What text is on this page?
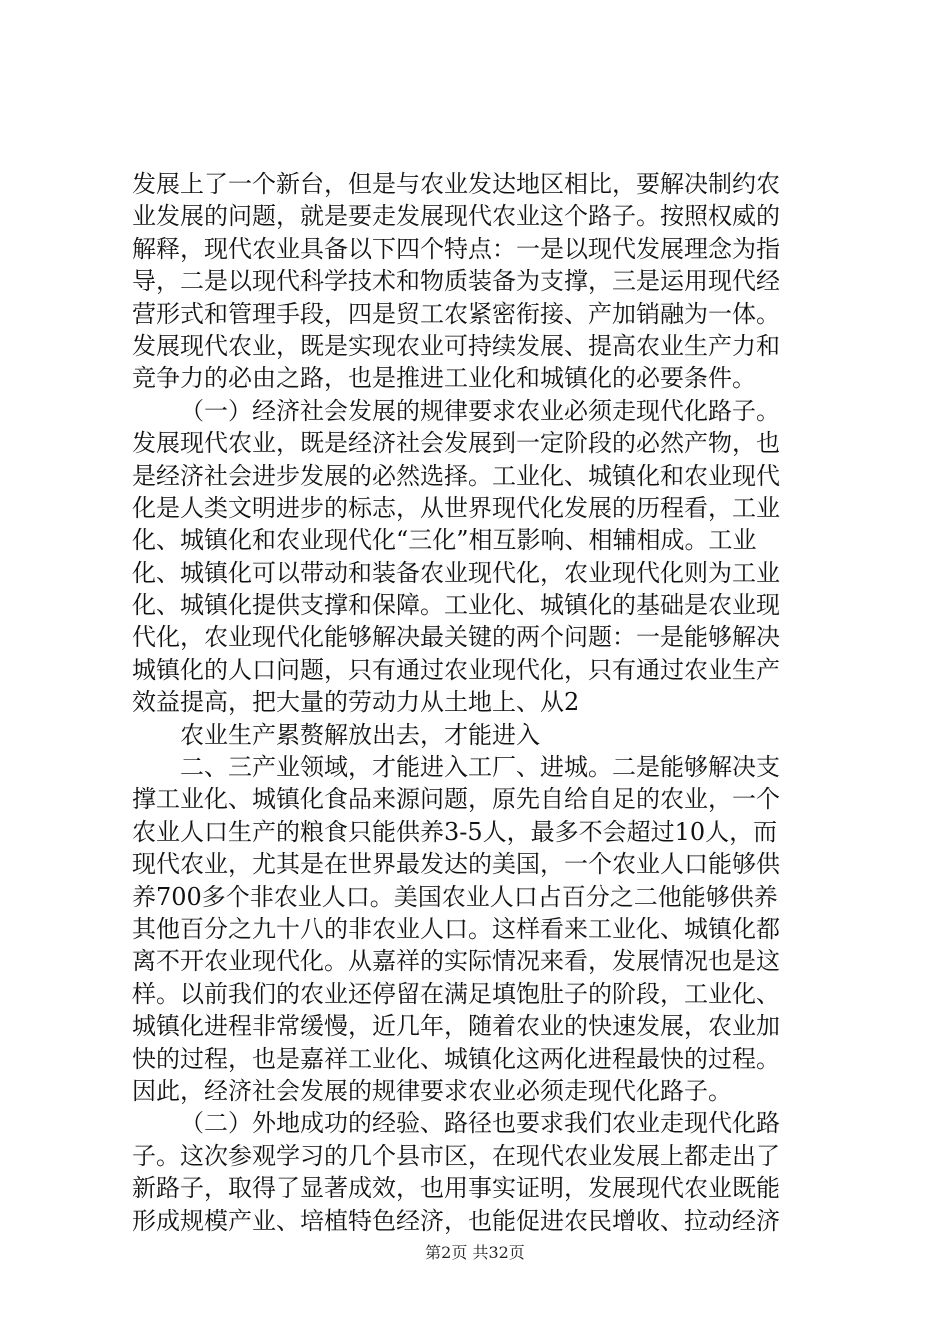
发展上了一个新台，但是与农业发达地区相比，要解决制约农
业发展的问题，就是要走发展现代农业这个路子。按照权威的
解释，现代农业具备以下四个特点：一是以现代发展理念为指
导，二是以现代科学技术和物质装备为支撑，三是运用现代经
营形式和管理手段，四是贸工农紧密衔接、产加销融为一体。
发展现代农业，既是实现农业可持续发展、提高农业生产力和
竞争力的必由之路，也是推进工业化和城镇化的必要条件。
（一）经济社会发展的规律要求农业必须走现代化路子。
发展现代农业，既是经济社会发展到一定阶段的必然产物，也
是经济社会进步发展的必然选择。工业化、城镇化和农业现代
化是人类文明进步的标志，从世界现代化发展的历程看，工业
化、城镇化和农业现代化“三化”相互影响、相辅相成。工业
化、城镇化可以带动和装备农业现代化，农业现代化则为工业
化、城镇化提供支撑和保障。工业化、城镇化的基础是农业现
代化，农业现代化能够解决最关键的两个问题：一是能够解决
城镇化的人口问题，只有通过农业现代化，只有通过农业生产
效益提高，把大量的劳动力从土地上、从2
农业生产累赘解放出去，才能进入
二、三产业领域，才能进入工厂、进城。二是能够解决支
撑工业化、城镇化食品来源问题，原先自给自足的农业，一个
农业人口生产的粮食只能供养3-5人，最多不会超过10人，而
现代农业，尤其是在世界最发达的美国，一个农业人口能够供
养700多个非农业人口。美国农业人口占百分之二他能够供养
其他百分之九十八的非农业人口。这样看来工业化、城镇化都
离不开农业现代化。从嘉祥的实际情况来看，发展情况也是这
样。以前我们的农业还停留在满足填饱肚子的阶段，工业化、
城镇化进程非常缓慢，近几年，随着农业的快速发展，农业加
快的过程，也是嘉祥工业化、城镇化这两化进程最快的过程。
因此，经济社会发展的规律要求农业必须走现代化路子。
（二）外地成功的经验、路径也要求我们农业走现代化路
子。这次参观学习的几个县市区，在现代农业发展上都走出了
新路子，取得了显著成效，也用事实证明，发展现代农业既能
形成规模产业、培植特色经济，也能促进农民增收、拉动经济
第2页 共32页
